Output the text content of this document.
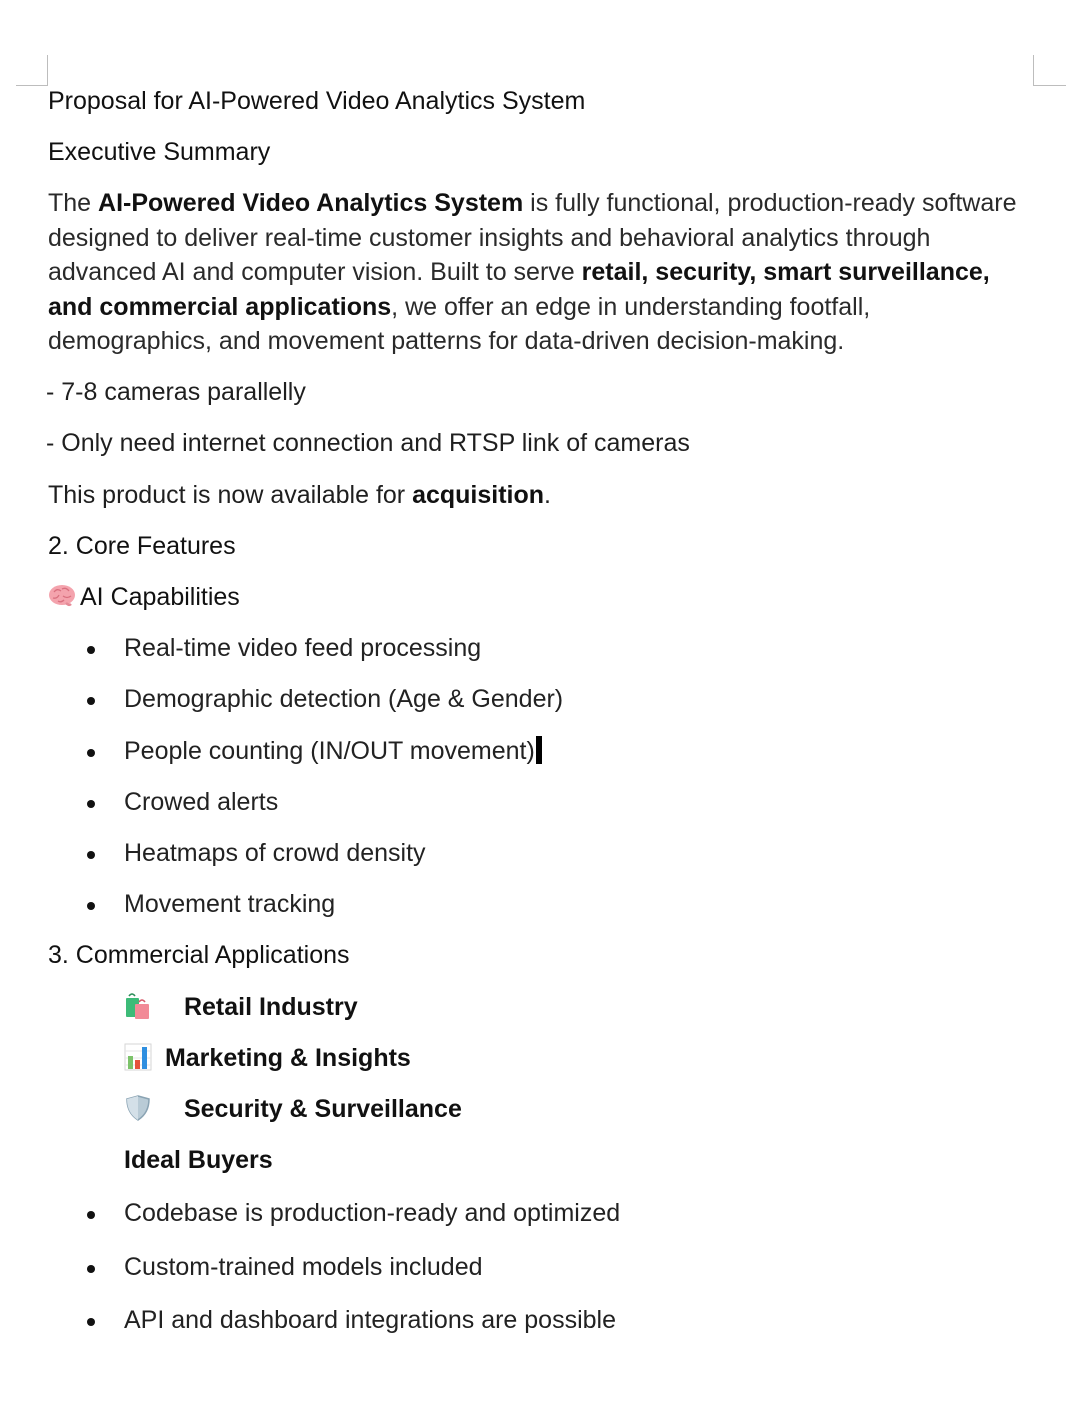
Proposal for AI-Powered Video Analytics System
Executive Summary
The AI-Powered Video Analytics System is fully functional, production-ready software designed to deliver real-time customer insights and behavioral analytics through advanced AI and computer vision. Built to serve retail, security, smart surveillance, and commercial applications, we offer an edge in understanding footfall, demographics, and movement patterns for data-driven decision-making.
- 7-8 cameras parallelly
- Only need internet connection and RTSP link of cameras
This product is now available for acquisition.
2. Core Features
AI Capabilities
Real-time video feed processing
Demographic detection (Age & Gender)
People counting (IN/OUT movement)
Crowed alerts
Heatmaps of crowd density
Movement tracking
3. Commercial Applications
Retail Industry
Marketing & Insights
Security & Surveillance
Ideal Buyers
Codebase is production-ready and optimized
Custom-trained models included
API and dashboard integrations are possible
